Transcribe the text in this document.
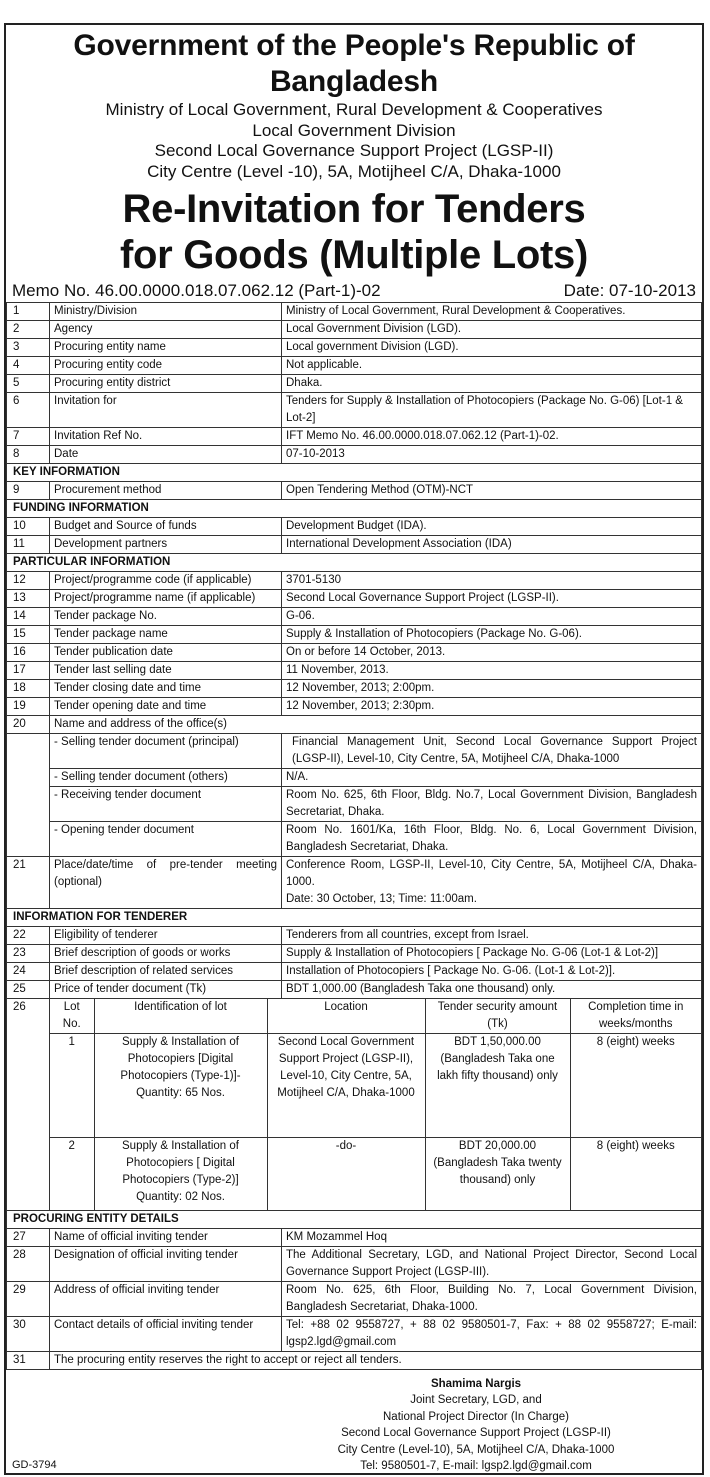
Government of the People's Republic of Bangladesh
Ministry of Local Government, Rural Development & Cooperatives
Local Government Division
Second Local Governance Support Project (LGSP-II)
City Centre (Level -10), 5A, Motijheel C/A, Dhaka-1000
Re-Invitation for Tenders
for Goods (Multiple Lots)
Memo No. 46.00.0000.018.07.062.12 (Part-1)-02	Date: 07-10-2013
1	Ministry/Division	Ministry of Local Government, Rural Development & Cooperatives.
2	Agency	Local Government Division (LGD).
3	Procuring entity name	Local government Division (LGD).
4	Procuring entity code	Not applicable.
5	Procuring entity district	Dhaka.
6	Invitation for	Tenders for Supply & Installation of Photocopiers (Package No. G-06) [Lot-1 & Lot-2]
7	Invitation Ref No.	IFT Memo No. 46.00.0000.018.07.062.12 (Part-1)-02.
8	Date	07-10-2013
KEY INFORMATION
9	Procurement method	Open Tendering Method (OTM)-NCT
FUNDING INFORMATION
10	Budget and Source of funds	Development Budget (IDA).
11	Development partners	International Development Association (IDA)
PARTICULAR INFORMATION
12	Project/programme code (if applicable)	3701-5130
13	Project/programme name (if applicable)	Second Local Governance Support Project (LGSP-II).
14	Tender package No.	G-06.
15	Tender package name	Supply & Installation of Photocopiers (Package No. G-06).
16	Tender publication date	On or before 14 October, 2013.
17	Tender last selling date	11 November, 2013.
18	Tender closing date and time	12 November, 2013; 2:00pm.
19	Tender opening date and time	12 November, 2013; 2:30pm.
20	Name and address of the office(s)
	- Selling tender document (principal)	Financial Management Unit, Second Local Governance Support Project (LGSP-II), Level-10, City Centre, 5A, Motijheel C/A, Dhaka-1000
- Selling tender document (others)	N/A.
- Receiving tender document	Room No. 625, 6th Floor, Bldg. No.7, Local Government Division, Bangladesh Secretariat, Dhaka.
- Opening tender document	Room No. 1601/Ka, 16th Floor, Bldg. No. 6, Local Government Division, Bangladesh Secretariat, Dhaka.
21	Place/date/time of pre-tender meeting (optional)	
Conference Room, LGSP-II, Level-10, City Centre, 5A, Motijheel C/A, Dhaka-1000.
Date: 30 October, 13; Time: 11:00am.

INFORMATION FOR TENDERER
22	Eligibility of tenderer	Tenderers from all countries, except from Israel.
23	Brief description of goods or works	Supply & Installation of Photocopiers [ Package No. G-06 (Lot-1 & Lot-2)]
24	Brief description of related services	Installation of Photocopiers [ Package No. G-06. (Lot-1 & Lot-2)].
25	Price of tender document (Tk)	BDT 1,000.00 (Bangladesh Taka one thousand) only.
26		Lot No.	Identification of lot	Location	Tender security amount (Tk)	Completion time in weeks/months
1	Supply & Installation of Photocopiers [Digital Photocopiers (Type-1)]- Quantity: 65 Nos.	Second Local Government Support Project (LGSP-II), Level-10, City Centre, 5A, Motijheel C/A, Dhaka-1000	BDT 1,50,000.00 (Bangladesh Taka one lakh fifty thousand) only	8 (eight) weeks
2	Supply & Installation of Photocopiers [ Digital Photocopiers (Type-2)] Quantity: 02 Nos.	-do-	BDT 20,000.00 (Bangladesh Taka twenty thousand) only	8 (eight) weeks

PROCURING ENTITY DETAILS
27	Name of official inviting tender	KM Mozammel Hoq
28	Designation of official inviting tender	The Additional Secretary, LGD, and National Project Director, Second Local Governance Support Project (LGSP-III).
29	Address of official inviting tender	Room No. 625, 6th Floor, Building No. 7, Local Government Division, Bangladesh Secretariat, Dhaka-1000.
30	Contact details of official inviting tender	Tel: +88 02 9558727, + 88 02 9580501-7, Fax: + 88 02 9558727; E-mail: lgsp2.lgd@gmail.com
31	The procuring entity reserves the right to accept or reject all tenders.
Shamima Nargis
Joint Secretary, LGD, and
National Project Director (In Charge)
Second Local Governance Support Project (LGSP-II)
City Centre (Level-10), 5A, Motijheel C/A, Dhaka-1000
Tel: 9580501-7, E-mail: lgsp2.lgd@gmail.com
GD-3794
